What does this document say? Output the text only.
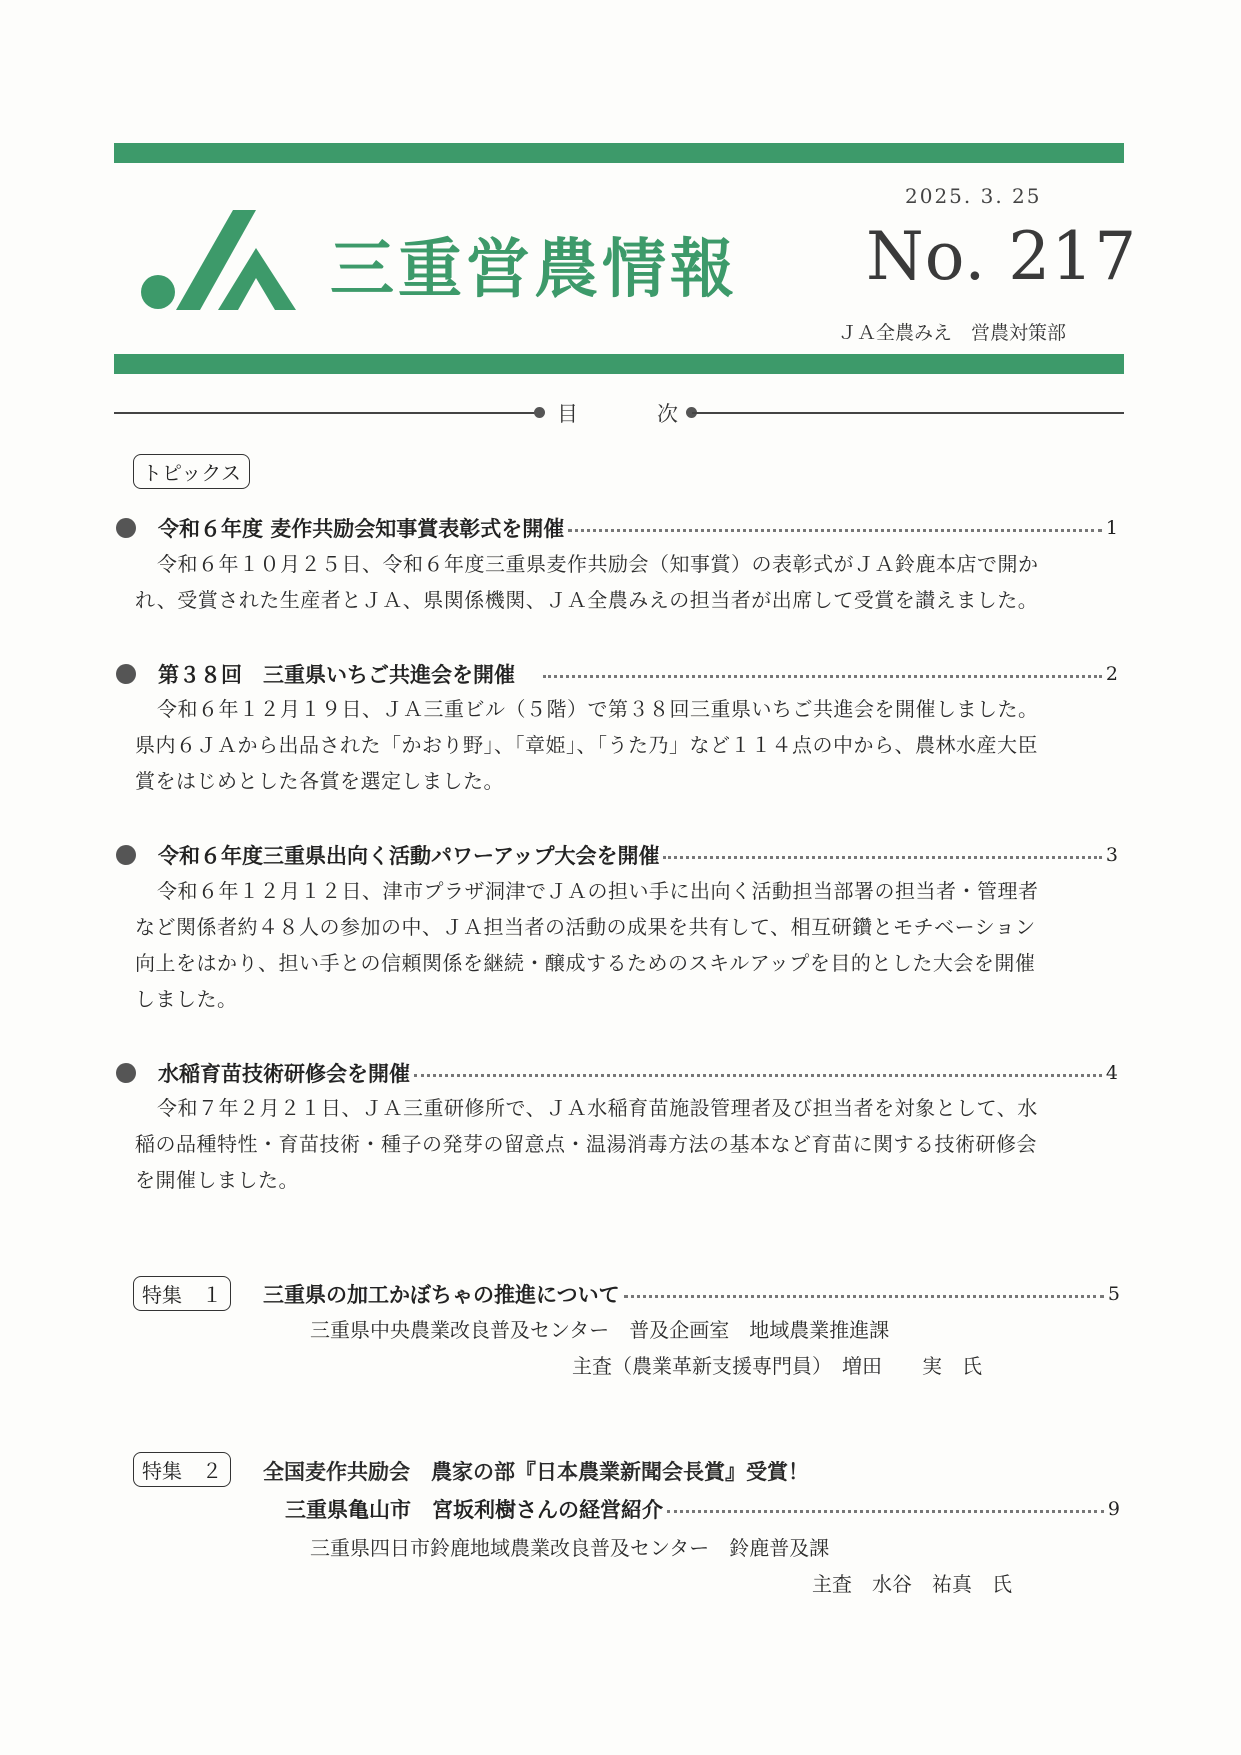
三重営農情報
2025. 3. 25
No. 217
ＪＡ全農みえ　営農対策部
目	次
トピックス
令和６年度 麦作共励会知事賞表彰式を開催	1
令和６年１０月２５日、令和６年度三重県麦作共励会（知事賞）の表彰式がＪＡ鈴鹿本店で開か
れ、受賞された生産者とＪＡ、県関係機関、ＪＡ全農みえの担当者が出席して受賞を讃えました。
第３８回　三重県いちご共進会を開催	2
令和６年１２月１９日、ＪＡ三重ビル（５階）で第３８回三重県いちご共進会を開催しました。
県内６ＪＡから出品された「かおり野」、「章姫」、「うた乃」など１１４点の中から、農林水産大臣
賞をはじめとした各賞を選定しました。
令和６年度三重県出向く活動パワーアップ大会を開催	3
令和６年１２月１２日、津市プラザ洞津でＪＡの担い手に出向く活動担当部署の担当者・管理者
など関係者約４８人の参加の中、ＪＡ担当者の活動の成果を共有して、相互研鑽とモチベーション
向上をはかり、担い手との信頼関係を継続・醸成するためのスキルアップを目的とした大会を開催
しました。
水稲育苗技術研修会を開催	4
令和７年２月２１日、ＪＡ三重研修所で、ＪＡ水稲育苗施設管理者及び担当者を対象として、水
稲の品種特性・育苗技術・種子の発芽の留意点・温湯消毒方法の基本など育苗に関する技術研修会
を開催しました。
特集　１	三重県の加工かぼちゃの推進について	5
三重県中央農業改良普及センター　普及企画室　地域農業推進課
主査（農業革新支援専門員）　増田　　実　氏
特集　２	全国麦作共励会　農家の部『日本農業新聞会長賞』受賞！
三重県亀山市　宮坂利樹さんの経営紹介	9
三重県四日市鈴鹿地域農業改良普及センター　鈴鹿普及課
主査　水谷　祐真　氏
